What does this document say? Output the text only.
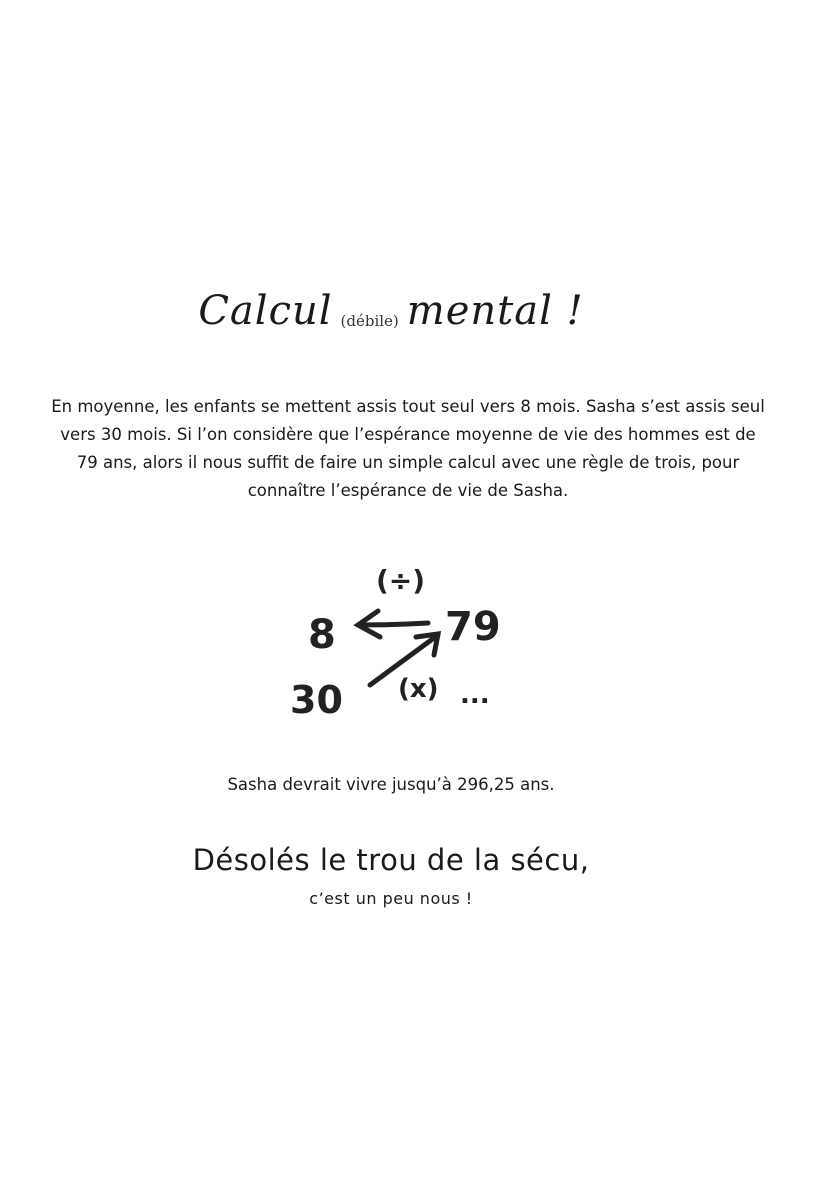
Calcul (débile) mental !
En moyenne, les enfants se mettent assis tout seul vers 8 mois. Sasha s’est assis seul vers 30 mois. Si l’on considère que l’espérance moyenne de vie des hommes est de 79 ans, alors il nous suffit de faire un simple calcul avec une règle de trois, pour connaître l’espérance de vie de Sasha.
(÷)
8	79
30 (x) ...
Sasha devrait vivre jusqu’à 296,25 ans.
Désolés le trou de la sécu,
c’est un peu nous !
